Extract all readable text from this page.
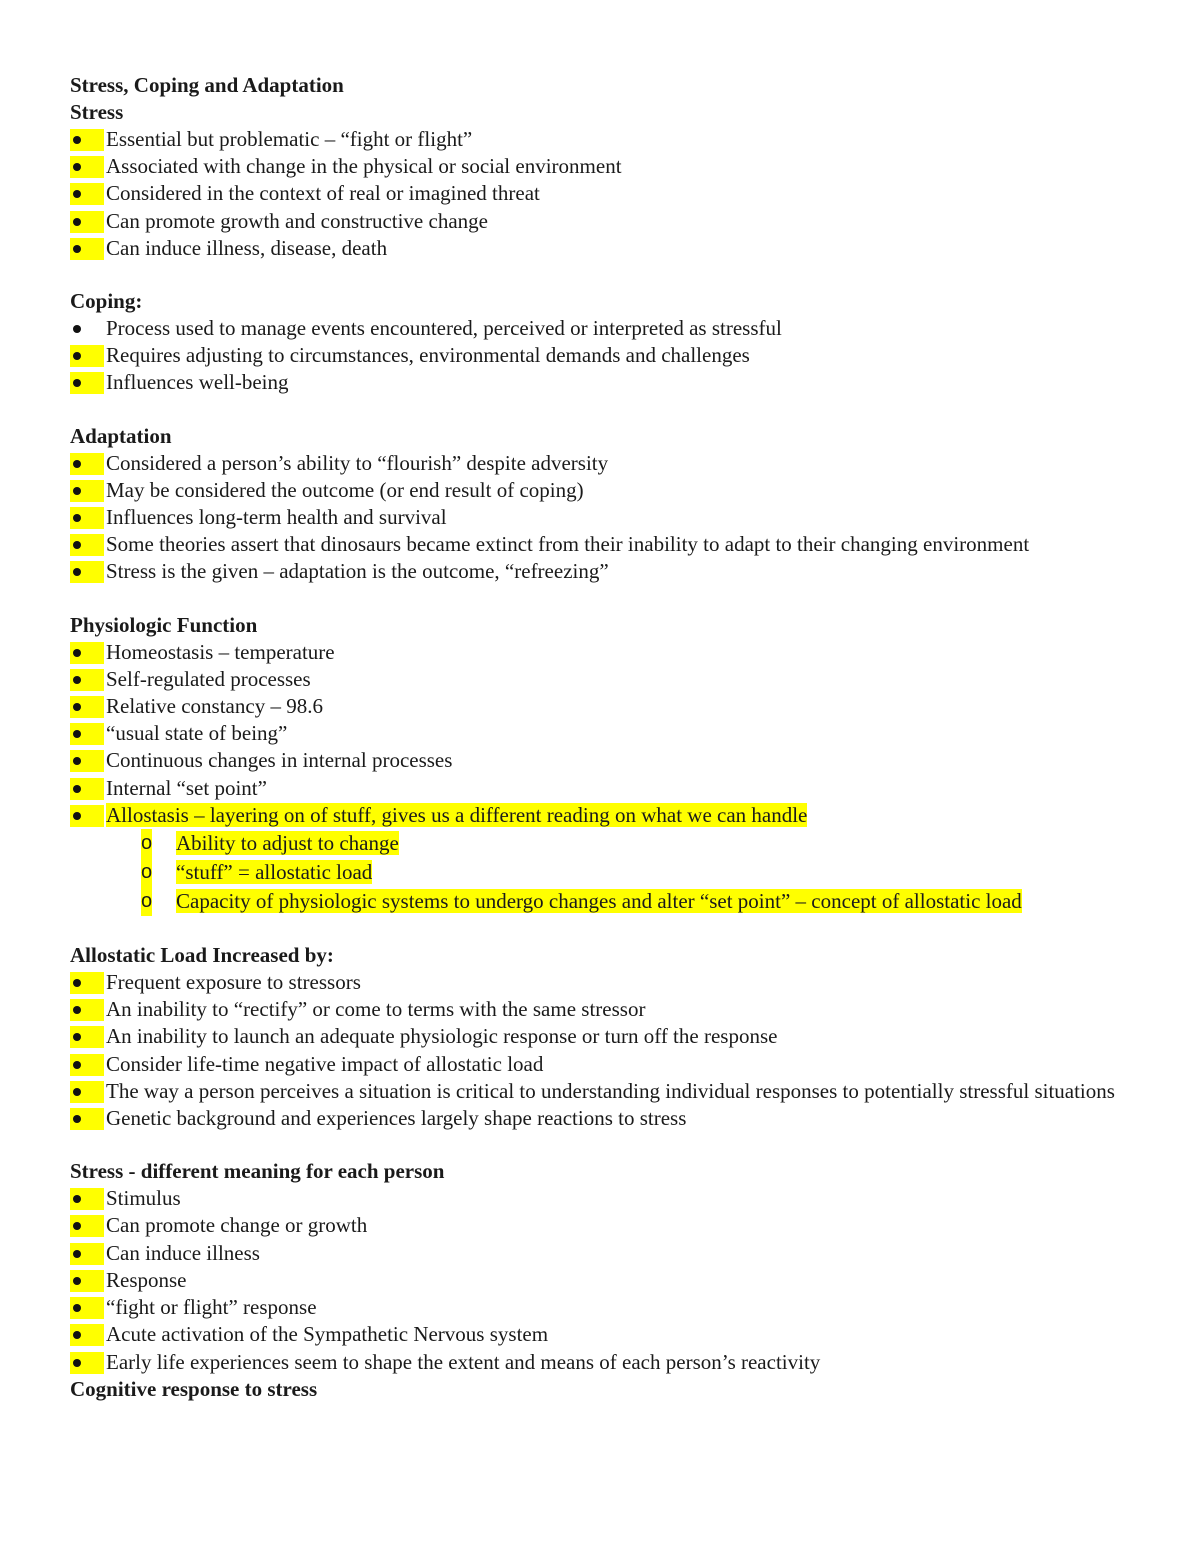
Stress, Coping and Adaptation
Stress
Essential but problematic – “fight or flight”
Associated with change in the physical or social environment
Considered in the context of real or imagined threat
Can promote growth and constructive change
Can induce illness, disease, death
Coping:
Process used to manage events encountered, perceived or interpreted as stressful
Requires adjusting to circumstances, environmental demands and challenges
Influences well-being
Adaptation
Considered a person’s ability to “flourish” despite adversity
May be considered the outcome (or end result of coping)
Influences long-term health and survival
Some theories assert that dinosaurs became extinct from their inability to adapt to their changing environment
Stress is the given – adaptation is the outcome, “refreezing”
Physiologic Function
Homeostasis – temperature
Self-regulated processes
Relative constancy – 98.6
“usual state of being”
Continuous changes in internal processes
Internal “set point”
Allostasis – layering on of stuff, gives us a different reading on what we can handle
o Ability to adjust to change
o “stuff” = allostatic load
o Capacity of physiologic systems to undergo changes and alter “set point” – concept of allostatic load
Allostatic Load Increased by:
Frequent exposure to stressors
An inability to “rectify” or come to terms with the same stressor
An inability to launch an adequate physiologic response or turn off the response
Consider life-time negative impact of allostatic load
The way a person perceives a situation is critical to understanding individual responses to potentially stressful situations
Genetic background and experiences largely shape reactions to stress
Stress - different meaning for each person
Stimulus
Can promote change or growth
Can induce illness
Response
“fight or flight” response
Acute activation of the Sympathetic Nervous system
Early life experiences seem to shape the extent and means of each person’s reactivity
Cognitive response to stress
